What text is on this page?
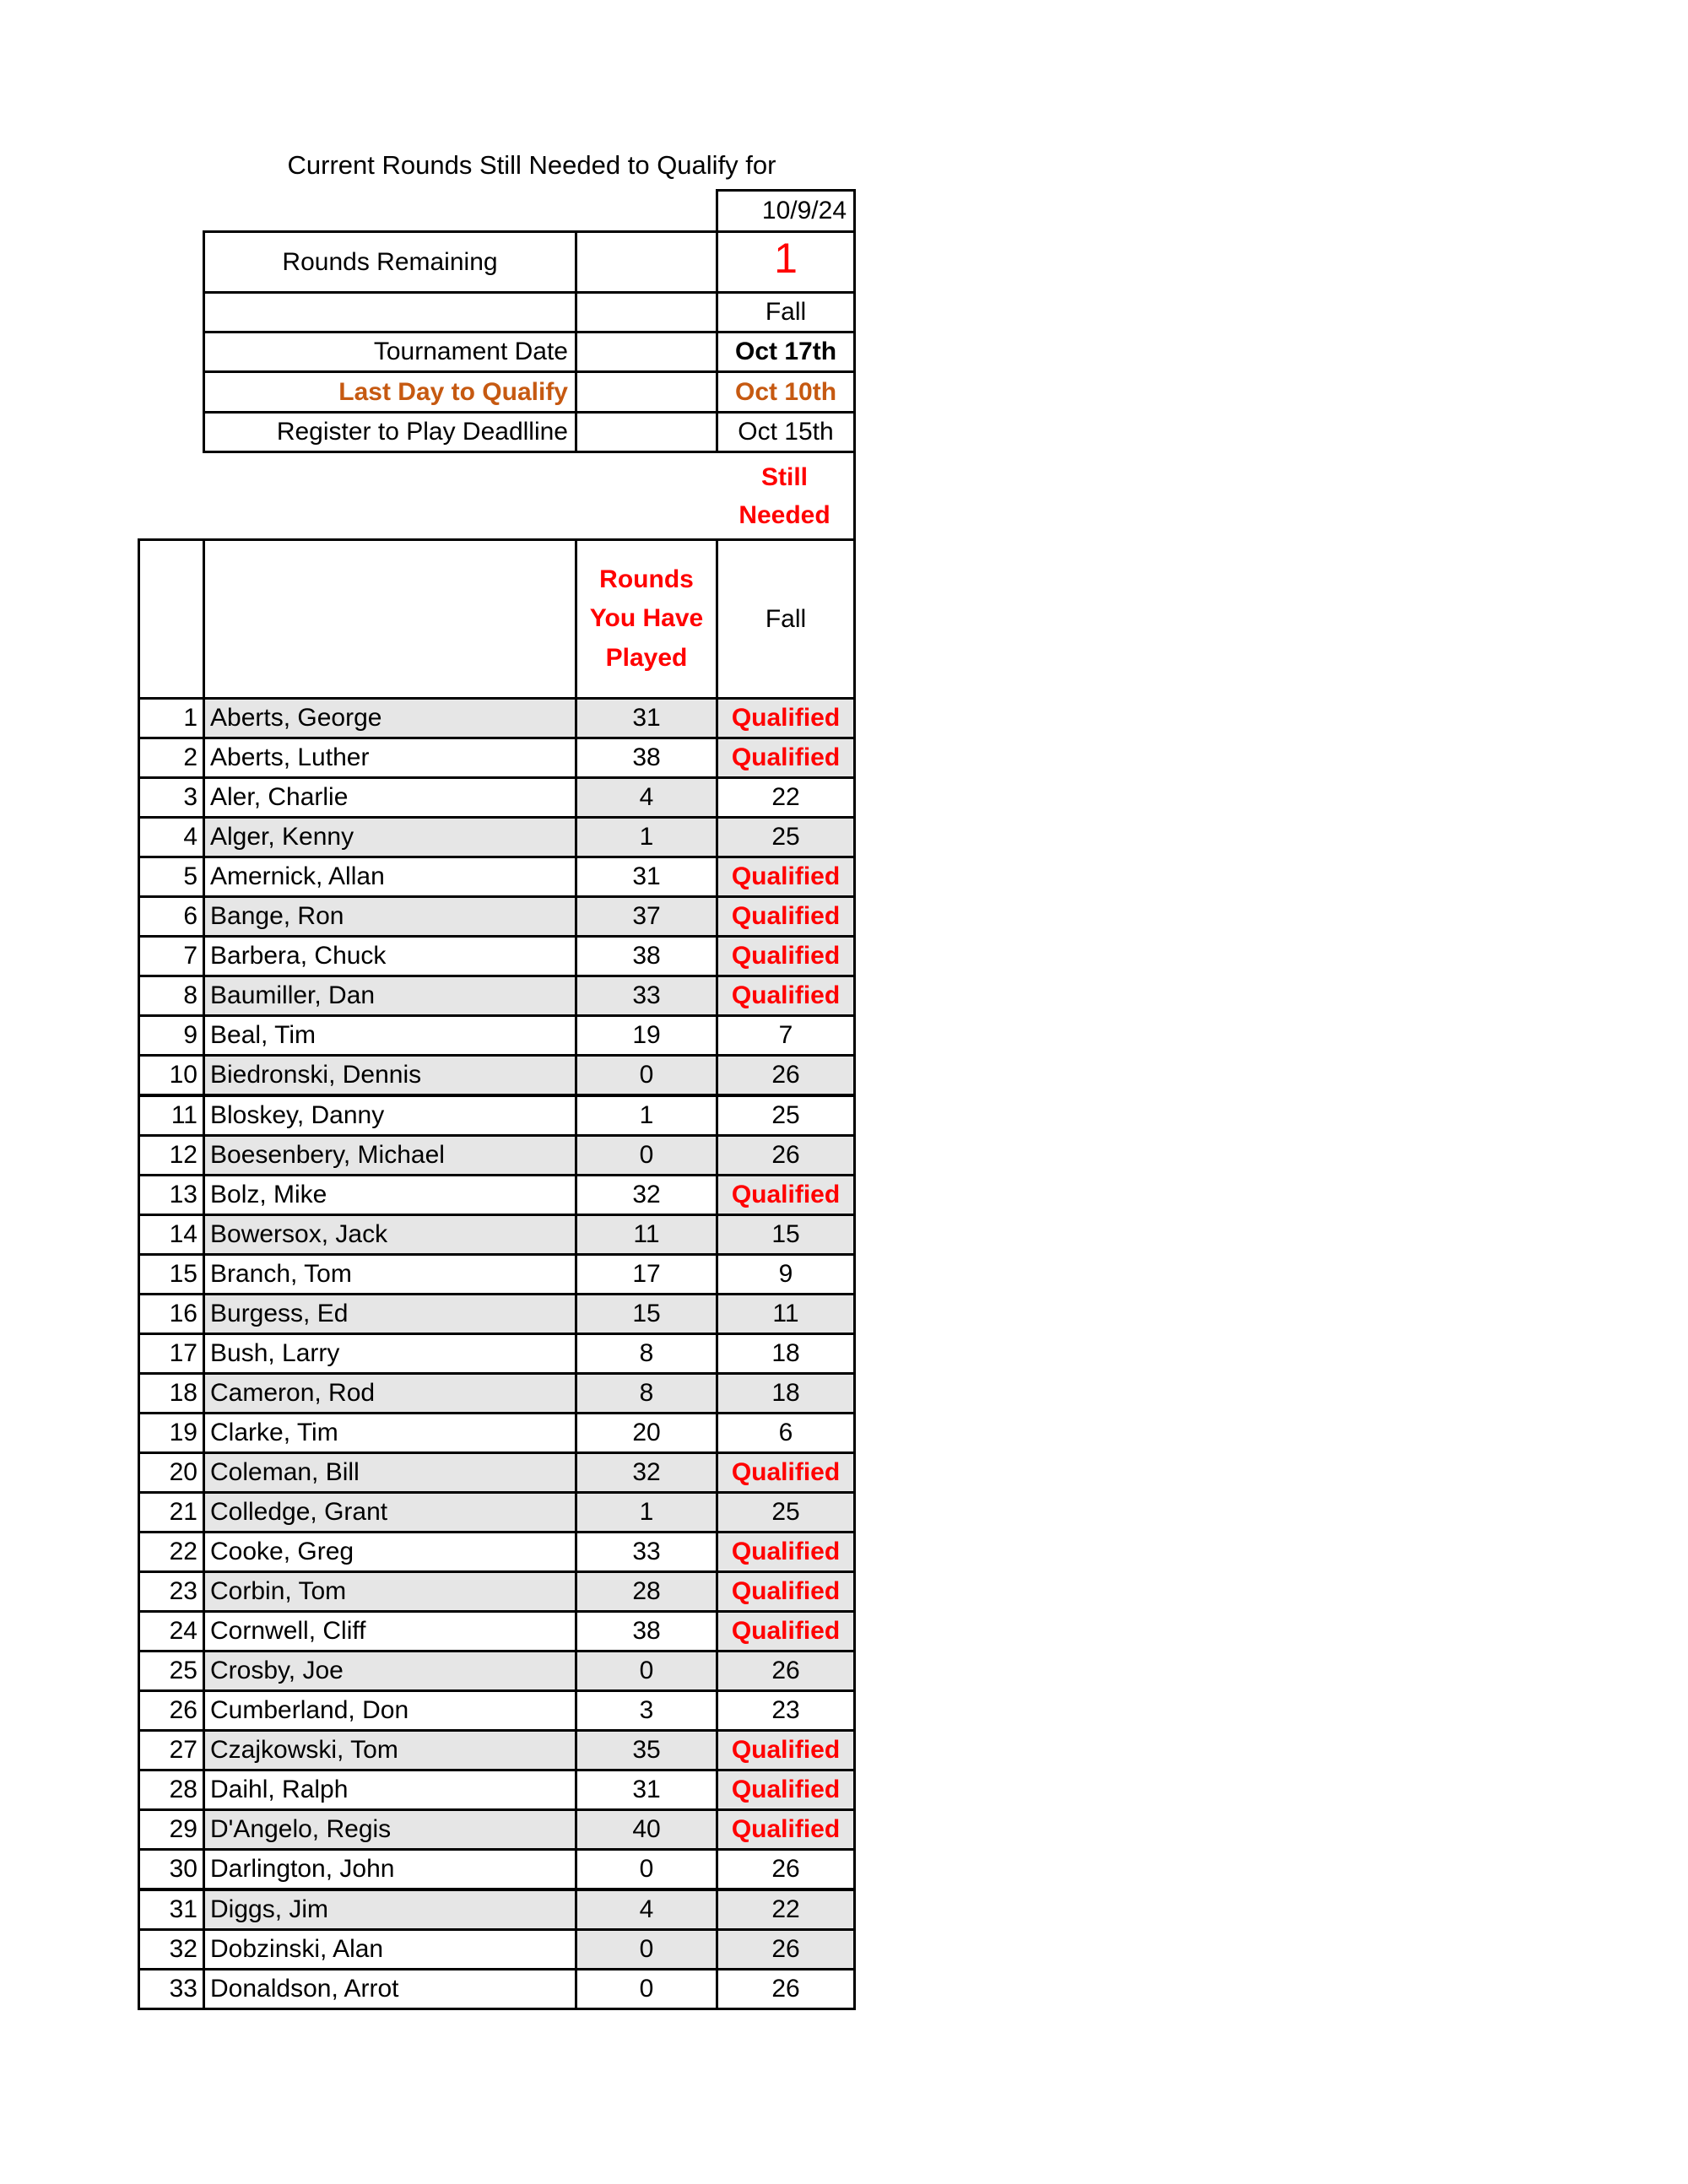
Current Rounds Still Needed to Qualify for
10/9/24
Rounds Remaining	1
Fall
Tournament Date	Oct 17th
Last Day to Qualify	Oct 10th
Register to Play Deadlline	Oct 15th
Still Needed
Rounds You Have Played
Fall
1 Aberts, George	31	Qualified
2 Aberts, Luther	38	Qualified
3 Aler, Charlie	4	22
4 Alger, Kenny	1	25
5 Amernick, Allan	31	Qualified
6 Bange, Ron	37	Qualified
7 Barbera, Chuck	38	Qualified
8 Baumiller, Dan	33	Qualified
9 Beal, Tim	19	7
10 Biedronski, Dennis	0	26
11 Bloskey, Danny	1	25
12 Boesenbery, Michael	0	26
13 Bolz, Mike	32	Qualified
14 Bowersox, Jack	11	15
15 Branch, Tom	17	9
16 Burgess, Ed	15	11
17 Bush, Larry	8	18
18 Cameron, Rod	8	18
19 Clarke, Tim	20	6
20 Coleman, Bill	32	Qualified
21 Colledge, Grant	1	25
22 Cooke, Greg	33	Qualified
23 Corbin, Tom	28	Qualified
24 Cornwell, Cliff	38	Qualified
25 Crosby, Joe	0	26
26 Cumberland, Don	3	23
27 Czajkowski, Tom	35	Qualified
28 Daihl, Ralph	31	Qualified
29 D'Angelo, Regis	40	Qualified
30 Darlington, John	0	26
31 Diggs, Jim	4	22
32 Dobzinski, Alan	0	26
33 Donaldson, Arrot	0	26
